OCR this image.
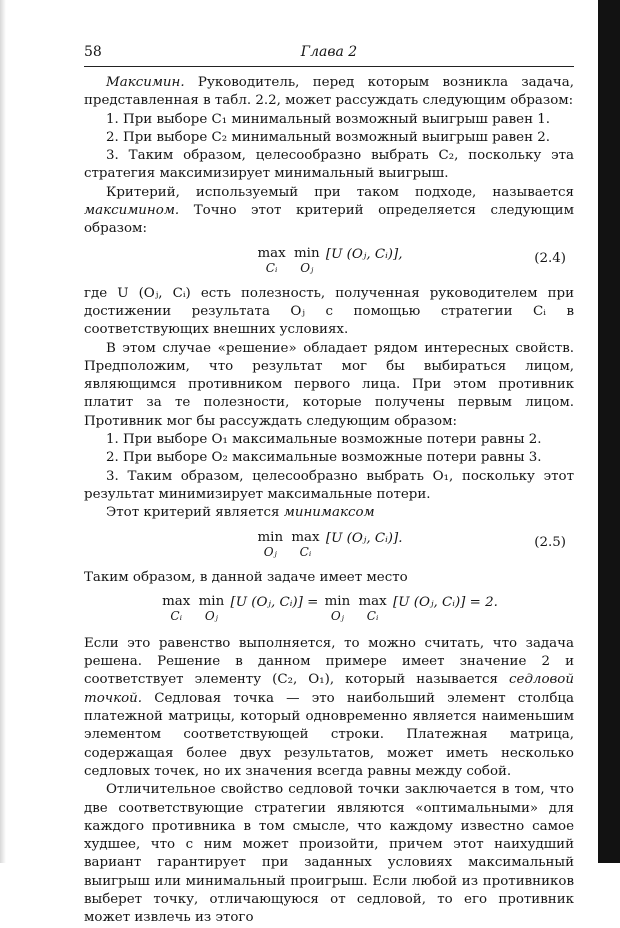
58	Глава 2

Максимин. Руководитель, перед которым возникла задача, представленная в табл. 2.2, может рассуждать следующим образом:

1. При выборе C₁ минимальный возможный выигрыш равен 1.

2. При выборе C₂ минимальный возможный выигрыш равен 2.

3. Таким образом, целесообразно выбрать C₂, поскольку эта стратегия максимизирует минимальный выигрыш.

Критерий, используемый при таком подходе, называется максимином. Точно этот критерий определяется следующим образом:

max
Cᵢ
min
Oⱼ
[U (Oⱼ, Cᵢ)],	(2.4)

где U (Oⱼ, Cᵢ) есть полезность, полученная руководителем при достижении результата Oⱼ с помощью стратегии Cᵢ в соответствующих внешних условиях.

В этом случае «решение» обладает рядом интересных свойств. Предположим, что результат мог бы выбираться лицом, являющимся противником первого лица. При этом противник платит за те полезности, которые получены первым лицом. Противник мог бы рассуждать следующим образом:

1. При выборе O₁ максимальные возможные потери равны 2.

2. При выборе O₂ максимальные возможные потери равны 3.

3. Таким образом, целесообразно выбрать O₁, поскольку этот результат минимизирует максимальные потери.

Этот критерий является минимаксом

min
Oⱼ
max
Cᵢ
[U (Oⱼ, Cᵢ)].	(2.5)

Таким образом, в данной задаче имеет место

max
Cᵢ
min
Oⱼ
[U (Oⱼ, Cᵢ)] = min
Oⱼ
max
Cᵢ
[U (Oⱼ, Cᵢ)] = 2.

Если это равенство выполняется, то можно считать, что задача решена. Решение в данном примере имеет значение 2 и соответствует элементу (C₂, O₁), который называется седловой точкой. Седловая точка — это наибольший элемент столбца платежной матрицы, который одновременно является наименьшим элементом соответствующей строки. Платежная матрица, содержащая более двух результатов, может иметь несколько седловых точек, но их значения всегда равны между собой.

Отличительное свойство седловой точки заключается в том, что две соответствующие стратегии являются «оптимальными» для каждого противника в том смысле, что каждому известно самое худшее, что с ним может произойти, причем этот наихудший вариант гарантирует при заданных условиях максимальный выигрыш или минимальный проигрыш. Если любой из противников выберет точку, отличающуюся от седловой, то его противник может извлечь из этого
